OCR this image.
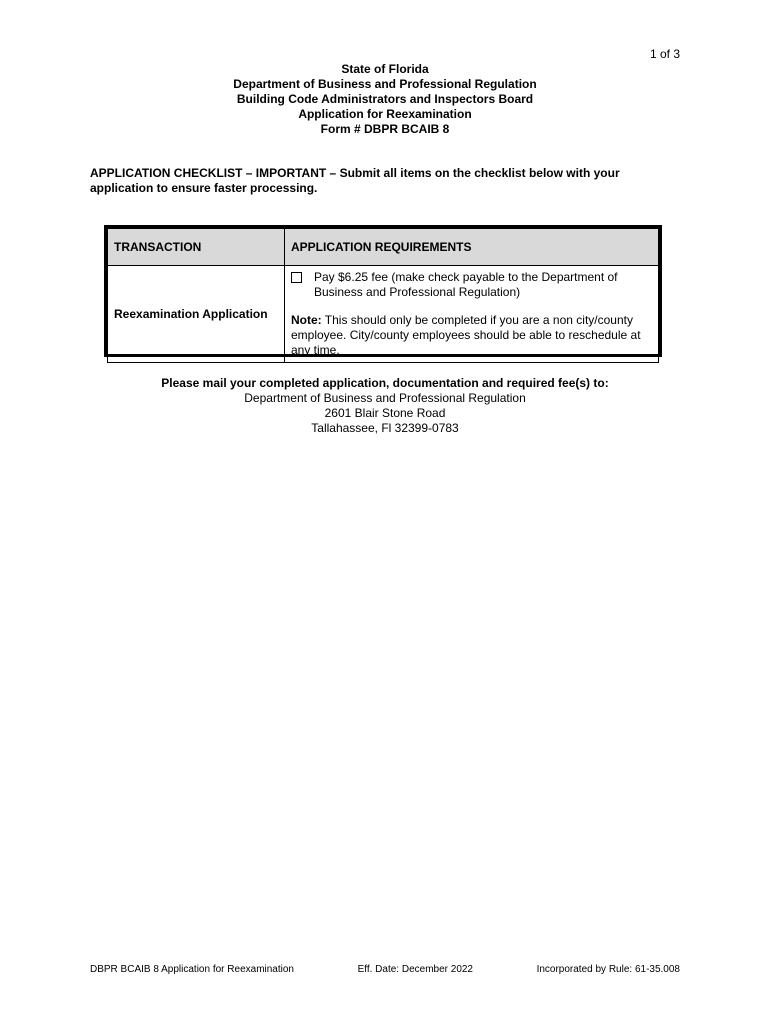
1 of 3
State of Florida
Department of Business and Professional Regulation
Building Code Administrators and Inspectors Board
Application for Reexamination
Form # DBPR BCAIB 8
APPLICATION CHECKLIST – IMPORTANT – Submit all items on the checklist below with your application to ensure faster processing.
TRANSACTION	APPLICATION REQUIREMENTS
Reexamination Application	Pay $6.25 fee (make check payable to the Department of Business and Professional Regulation)
Note: This should only be completed if you are a non city/county employee. City/county employees should be able to reschedule at any time.
Please mail your completed application, documentation and required fee(s) to:
Department of Business and Professional Regulation
2601 Blair Stone Road
Tallahassee, Fl 32399-0783
DBPR BCAIB 8 Application for Reexamination	Eff. Date: December 2022	Incorporated by Rule: 61-35.008
